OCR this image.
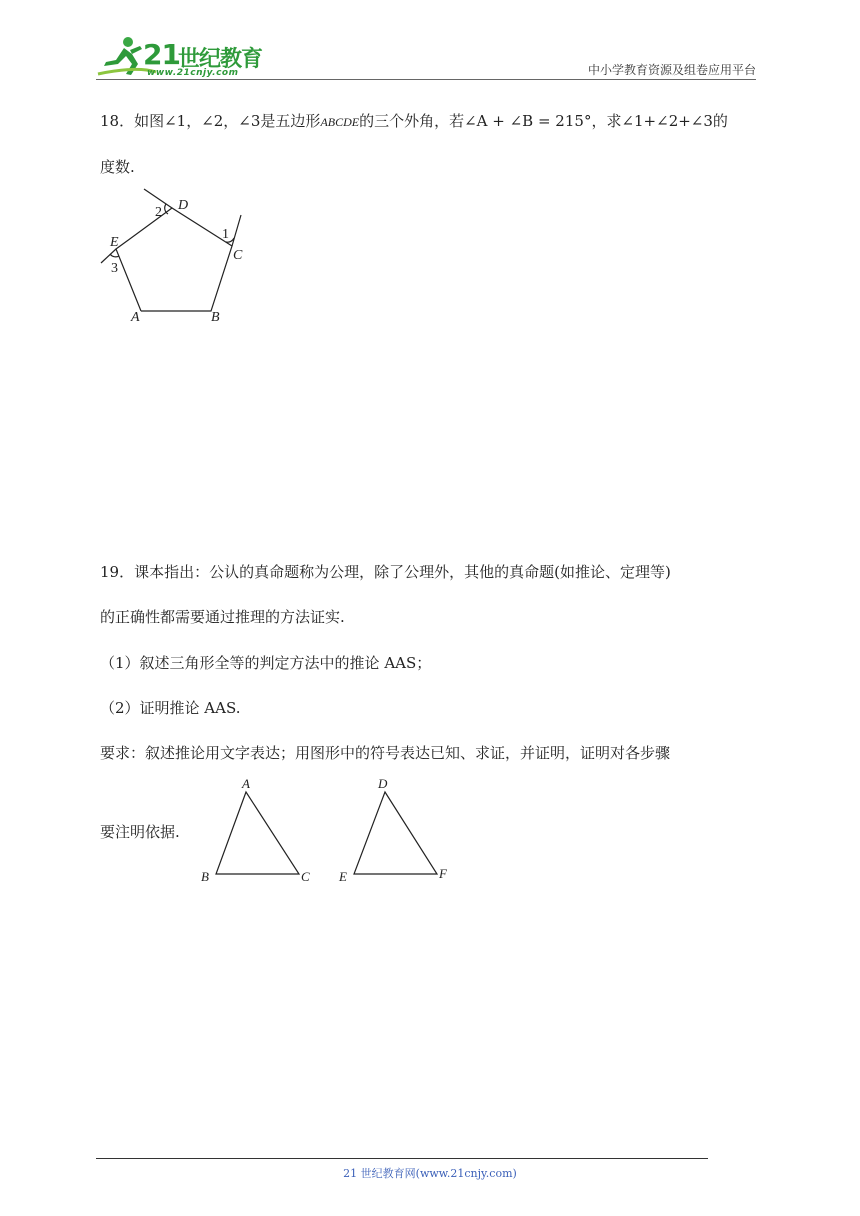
21
世纪教育
www.21cnjy.com	中小学教育资源及组卷应用平台
18．如图∠1，∠2，∠3是五边形ABCDE的三个外角，若∠A + ∠B = 215°，求∠1+∠2+∠3的
度数.
A	B
C
D
E
1
2
3
19．课本指出：公认的真命题称为公理，除了公理外，其他的真命题(如推论、定理等)
的正确性都需要通过推理的方法证实.
（1）叙述三角形全等的判定方法中的推论 AAS；
（2）证明推论 AAS.
要求：叙述推论用文字表达；用图形中的符号表达已知、求证，并证明，证明对各步骤
要注明依据.
A
B	C
D
E	F
21 世纪教育网(www.21cnjy.com)
